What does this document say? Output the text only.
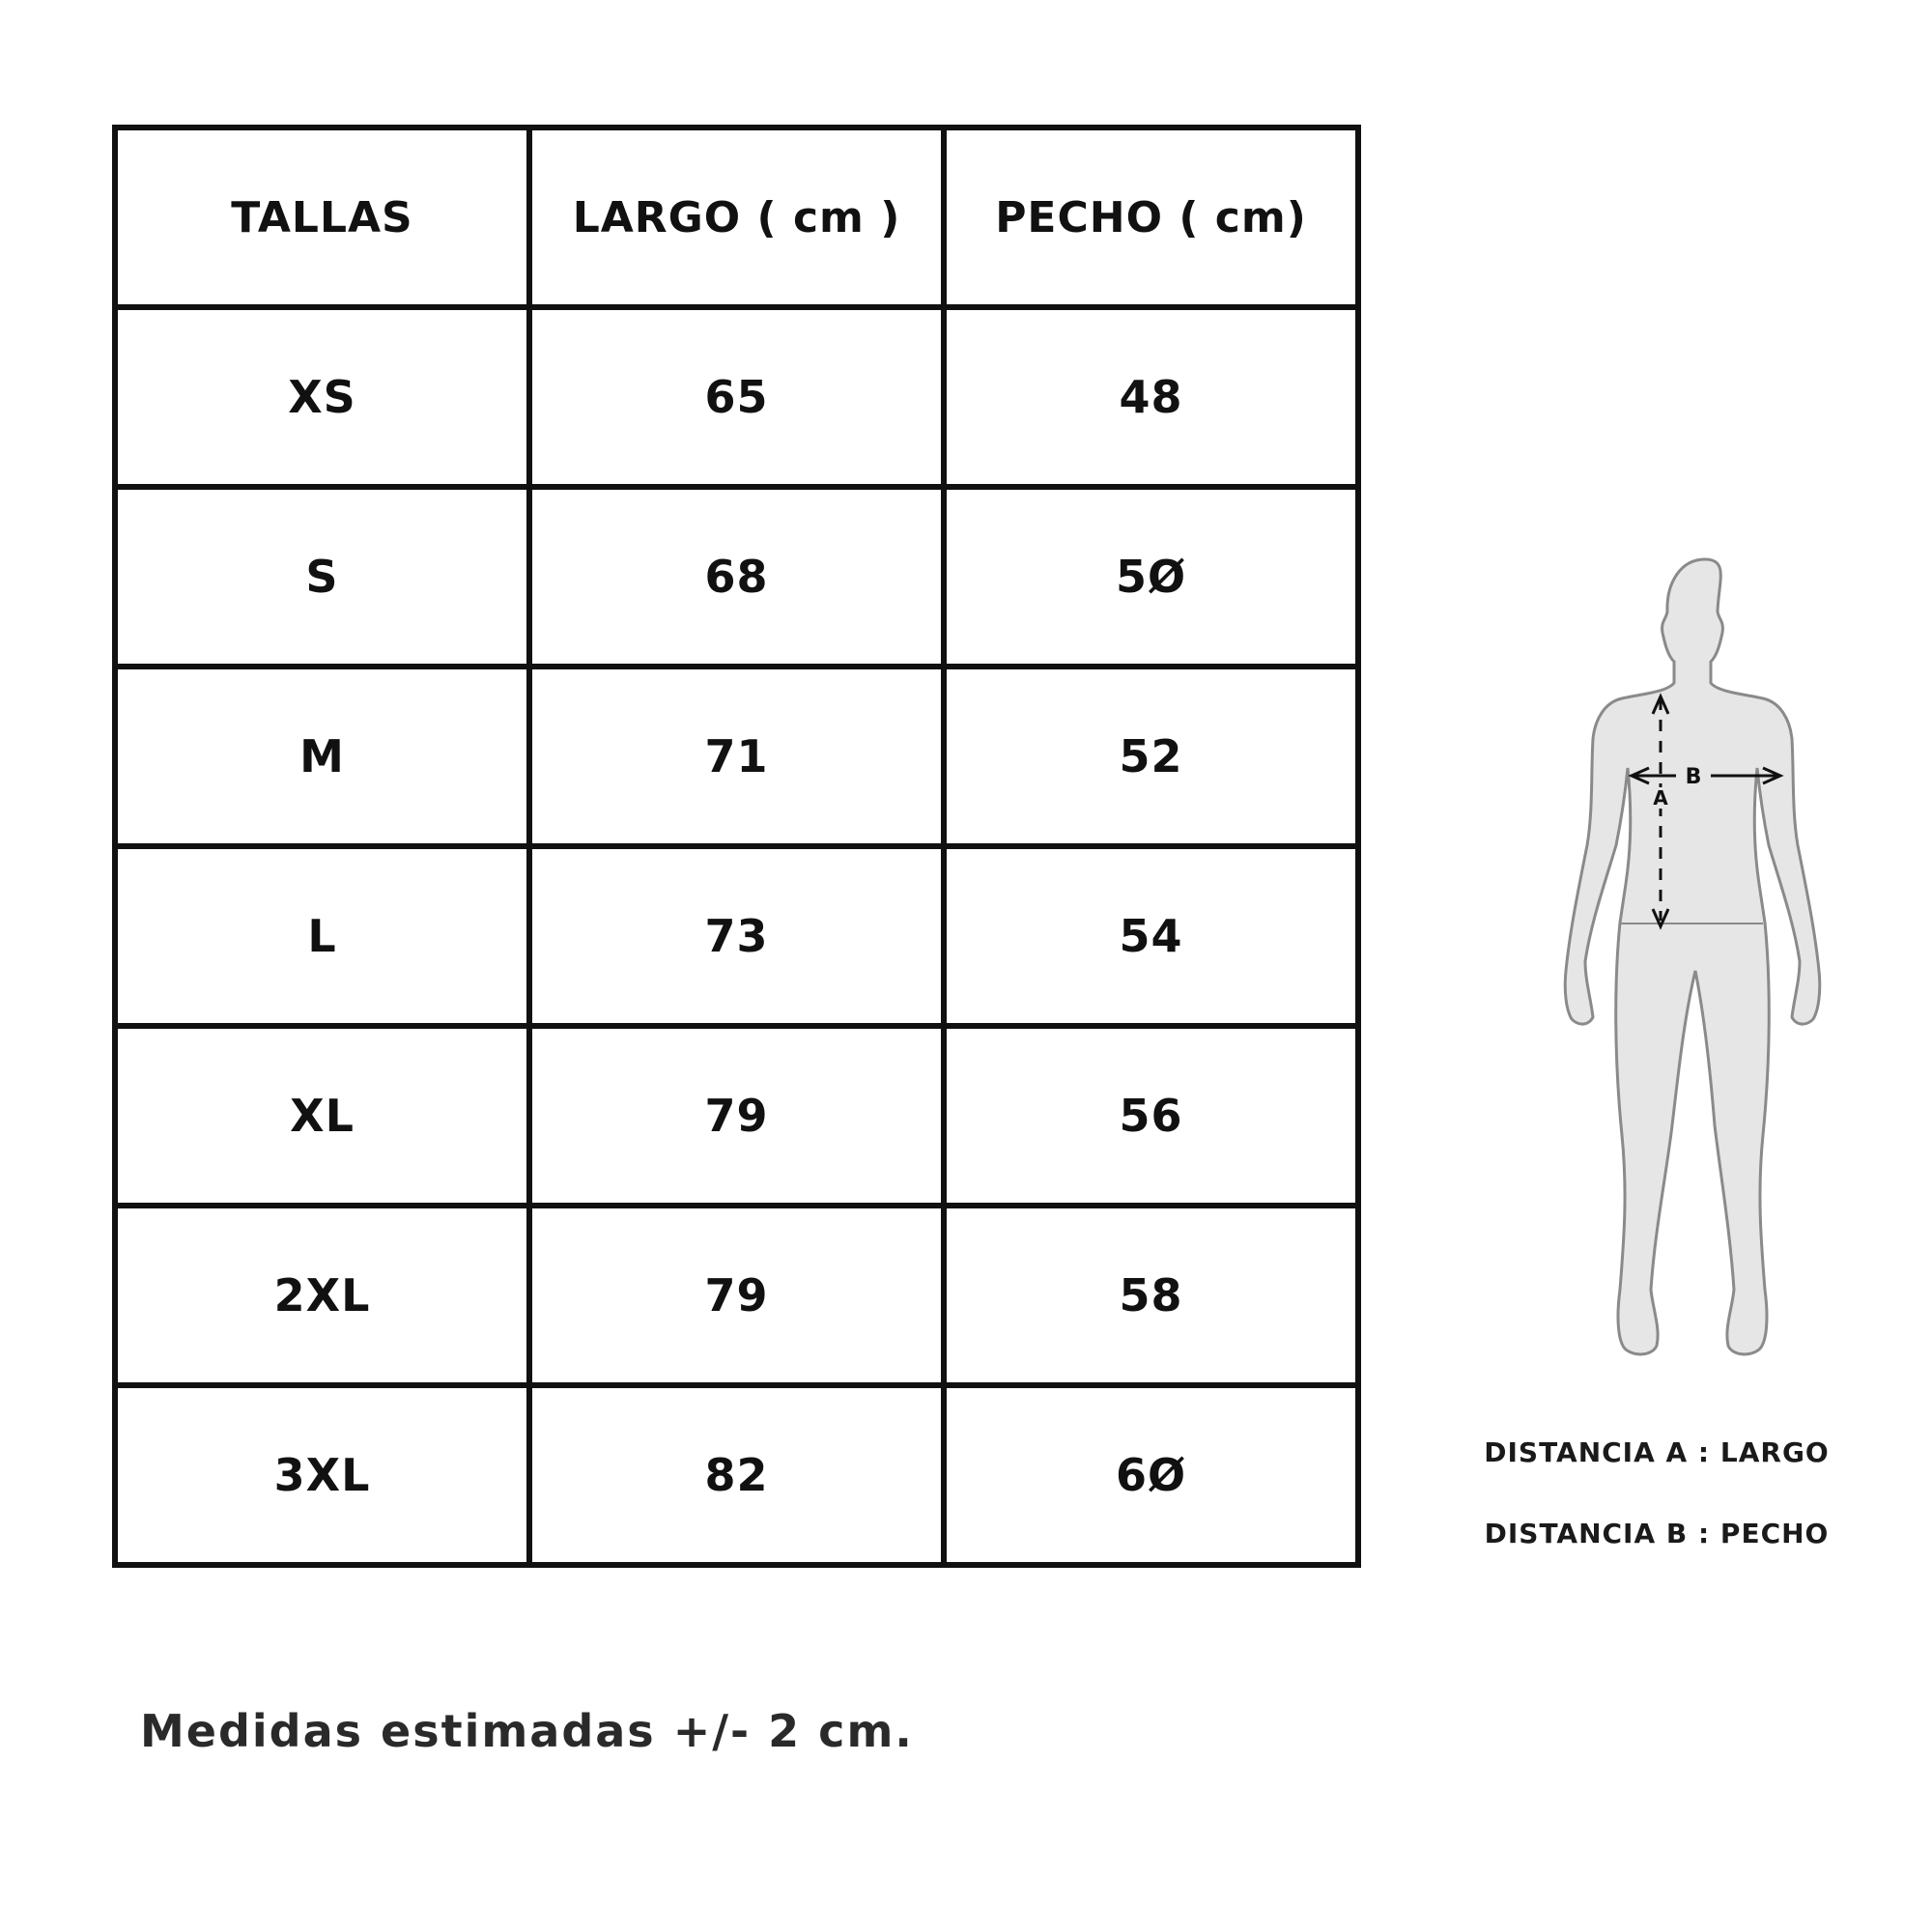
TALLAS	LARGO ( cm )	PECHO ( cm)
XS	65	48
S	68	5Ø
M	71	52
L	73	54
XL	79	56
2XL	79	58
3XL	82	6Ø
B
A
DISTANCIA A : LARGO
DISTANCIA B : PECHO
Medidas estimadas +/- 2 cm.
